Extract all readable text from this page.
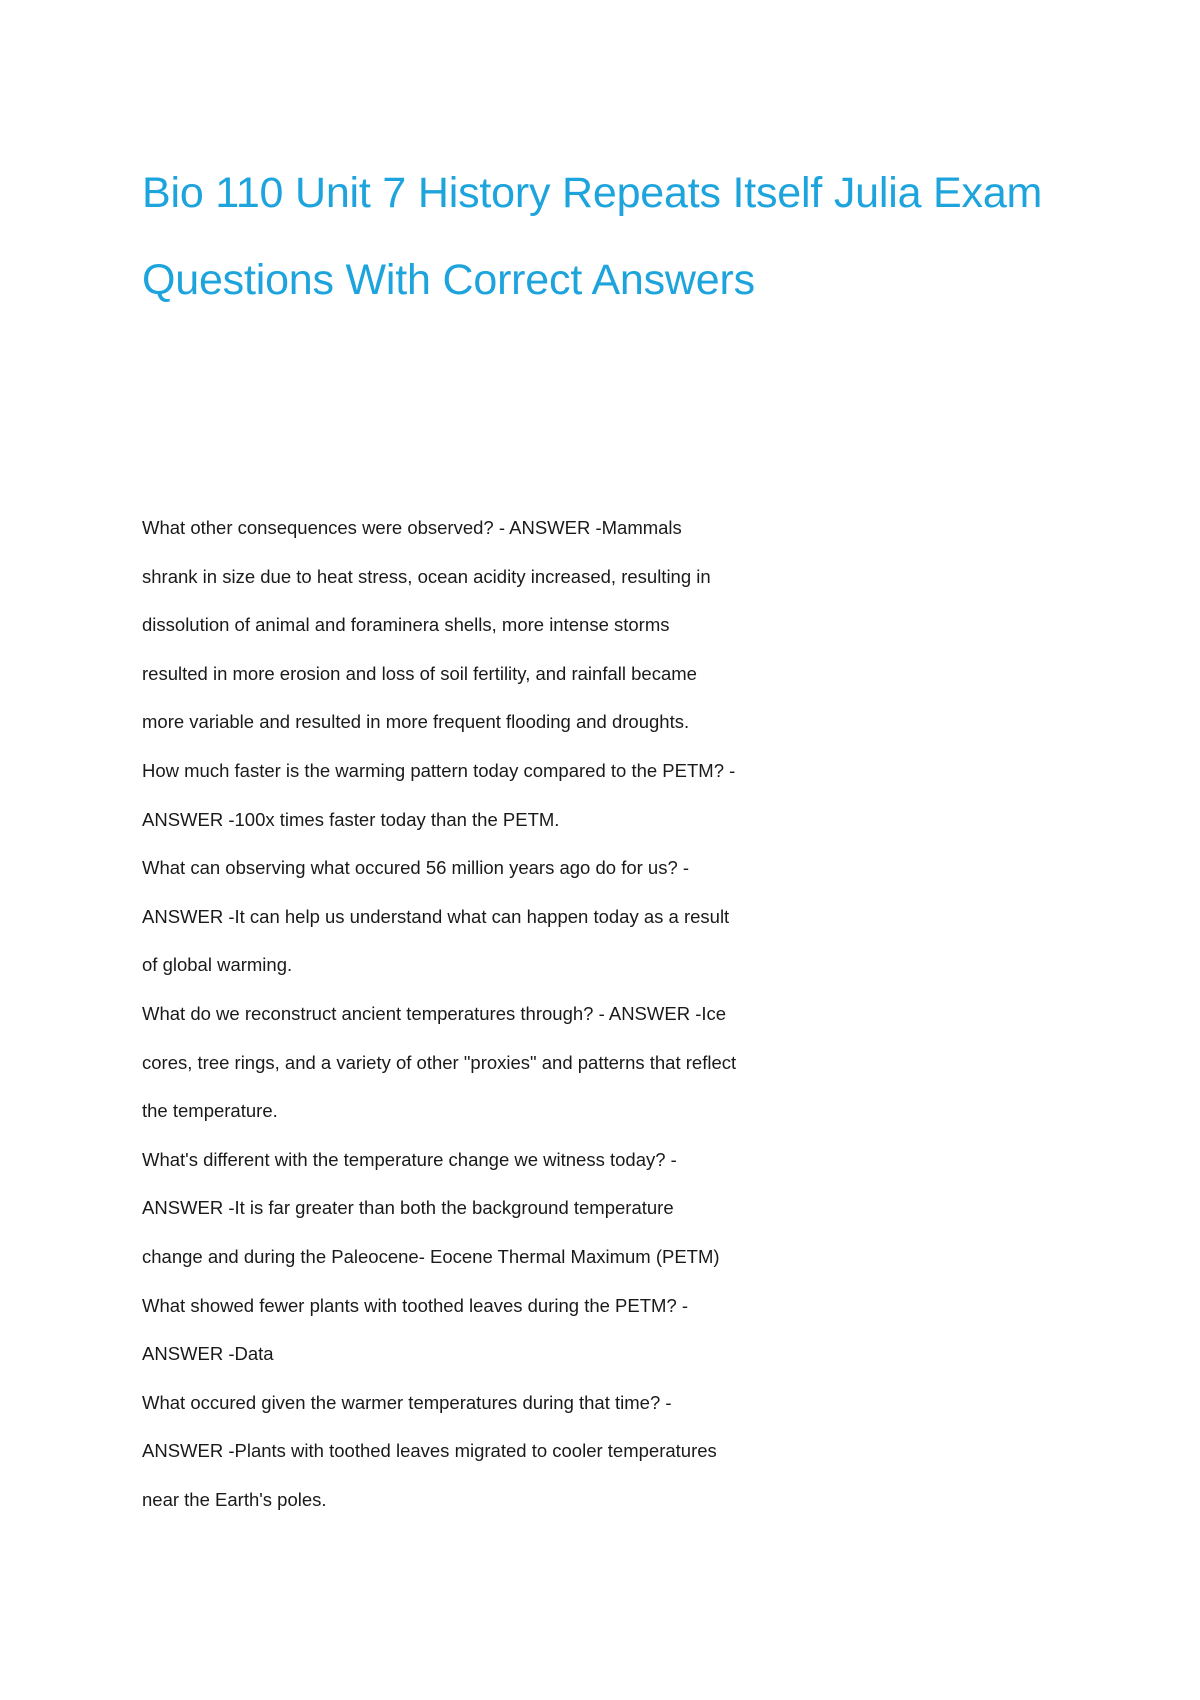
Bio 110 Unit 7 History Repeats Itself Julia Exam
Questions With Correct Answers
What other consequences were observed? - ANSWER -Mammals
shrank in size due to heat stress, ocean acidity increased, resulting in
dissolution of animal and foraminera shells, more intense storms
resulted in more erosion and loss of soil fertility, and rainfall became
more variable and resulted in more frequent flooding and droughts.
How much faster is the warming pattern today compared to the PETM? -
ANSWER -100x times faster today than the PETM.
What can observing what occured 56 million years ago do for us? -
ANSWER -It can help us understand what can happen today as a result
of global warming.
What do we reconstruct ancient temperatures through? - ANSWER -Ice
cores, tree rings, and a variety of other "proxies" and patterns that reflect
the temperature.
What's different with the temperature change we witness today? -
ANSWER -It is far greater than both the background temperature
change and during the Paleocene- Eocene Thermal Maximum (PETM)
What showed fewer plants with toothed leaves during the PETM? -
ANSWER -Data
What occured given the warmer temperatures during that time? -
ANSWER -Plants with toothed leaves migrated to cooler temperatures
near the Earth's poles.
